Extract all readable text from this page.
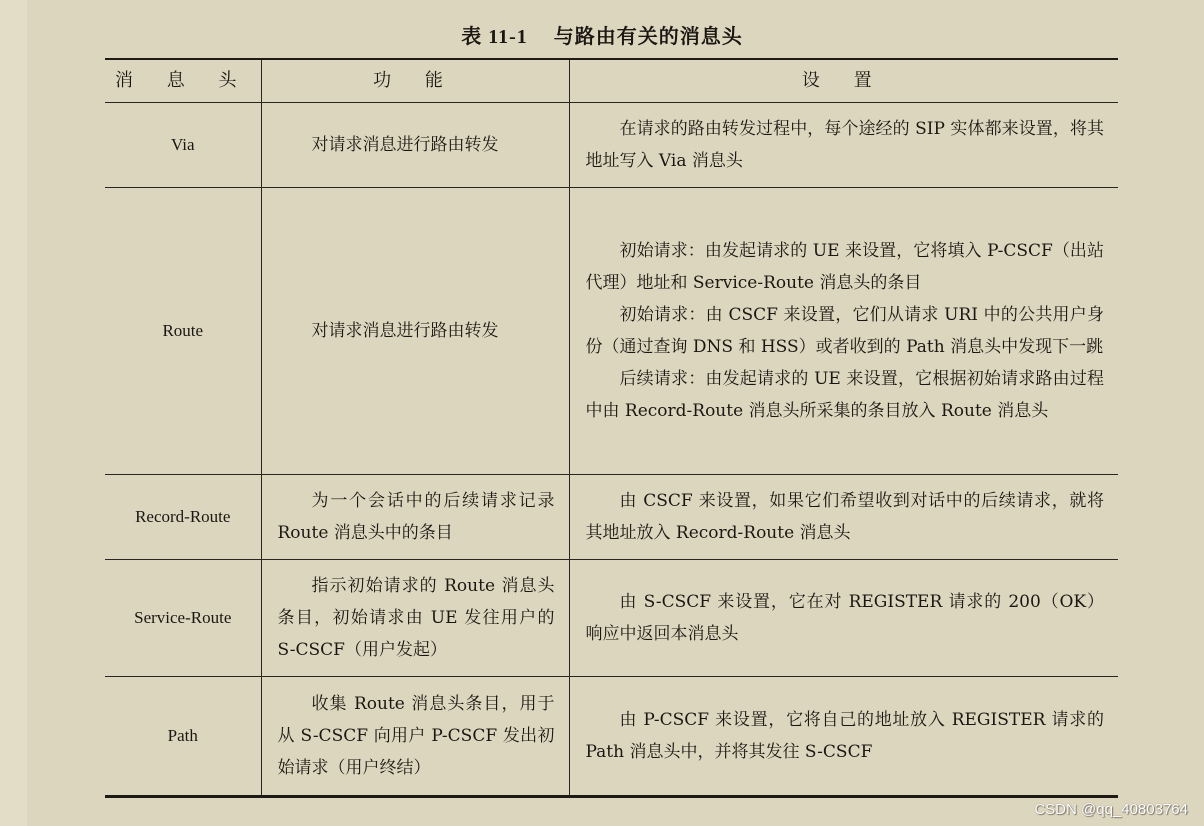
表 11-1 与路由有关的消息头
消 息 头	功 能	设 置
Via	对请求消息进行路由转发	在请求的路由转发过程中，每个途经的 SIP 实体都来设置，将其地址写入 Via 消息头

Route	对请求消息进行路由转发	初始请求：由发起请求的 UE 来设置，它将填入 P-CSCF（出站代理）地址和 Service-Route 消息头的条目
初始请求：由 CSCF 来设置，它们从请求 URI 中的公共用户身份（通过查询 DNS 和 HSS）或者收到的 Path 消息头中发现下一跳
后续请求：由发起请求的 UE 来设置，它根据初始请求路由过程中由 Record-Route 消息头所采集的条目放入 Route 消息头

Record-Route	为一个会话中的后续请求记录 Route 消息头中的条目	由 CSCF 来设置，如果它们希望收到对话中的后续请求，就将其地址放入 Record-Route 消息头

Service-Route	指示初始请求的 Route 消息头条目，初始请求由 UE 发往用户的 S-CSCF（用户发起）	由 S-CSCF 来设置，它在对 REGISTER 请求的 200（OK）响应中返回本消息头

Path	收集 Route 消息头条目，用于从 S-CSCF 向用户 P-CSCF 发出初始请求（用户终结）	由 P-CSCF 来设置，它将自己的地址放入 REGISTER 请求的 Path 消息头中，并将其发往 S-CSCF
CSDN @qq_40803764
